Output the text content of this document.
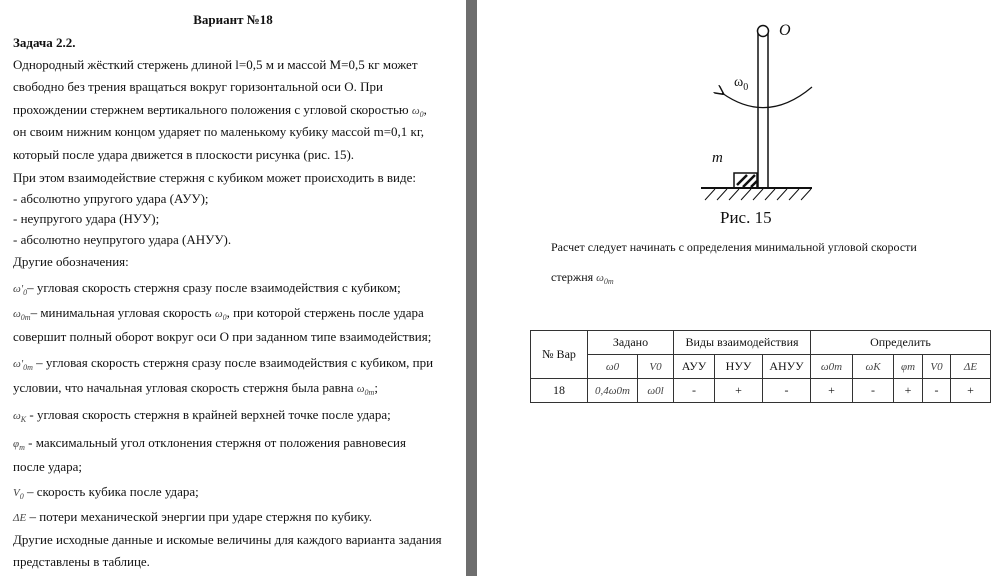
Вариант №18
Задача 2.2.
Однородный жёсткий стержень длиной l=0,5 м и массой M=0,5 кг может
свободно без трения вращаться вокруг горизонтальной оси O. При
прохождении стержнем вертикального положения с угловой скоростью $\omega_0$,
он своим нижним концом ударяет по маленькому кубику массой m=0,1 кг,
который после удара движется в плоскости рисунка (рис. 15).
При этом взаимодействие стержня с кубиком может происходить в виде:
- абсолютно упругого удара (АУУ);
- неупругого удара (НУУ);
- абсолютно неупругого удара (АНУУ).
Другие обозначения:
$\omega'_0-$ угловая скорость стержня сразу после взаимодействия с кубиком;
$\omega_{0m}-$ минимальная угловая скорость $\omega_0$, при которой стержень после удара
совершит полный оборот вокруг оси O при заданном типе взаимодействия;
$\omega'_{0m}$ – угловая скорость стержня сразу после взаимодействия с кубиком, при
условии, что начальная угловая скорость стержня была равна $\omega_{0m}$;
$\omega_K$ - угловая скорость стержня в крайней верхней точке после удара;
$\varphi_m$ - максимальный угол отклонения стержня от положения равновесия
после удара;
$V_0$ – скорость кубика после удара;
ΔE – потери механической энергии при ударе стержня по кубику.
Другие исходные данные и искомые величины для каждого варианта задания
представлены в таблице.
O
$\omega_0$
m
Рис. 15
Расчет следует начинать с определения минимальной угловой скорости
стержня $\omega_{0m}$
№ Вар	Задано		Виды взаимодействия			Определить				
	ω0	V0	АУУ	НУУ	АНУУ	ω0m	ωK	φm	V0	ΔE
18	0,4ω0m	ω0l	-	+	-	+	-	+	-	+
